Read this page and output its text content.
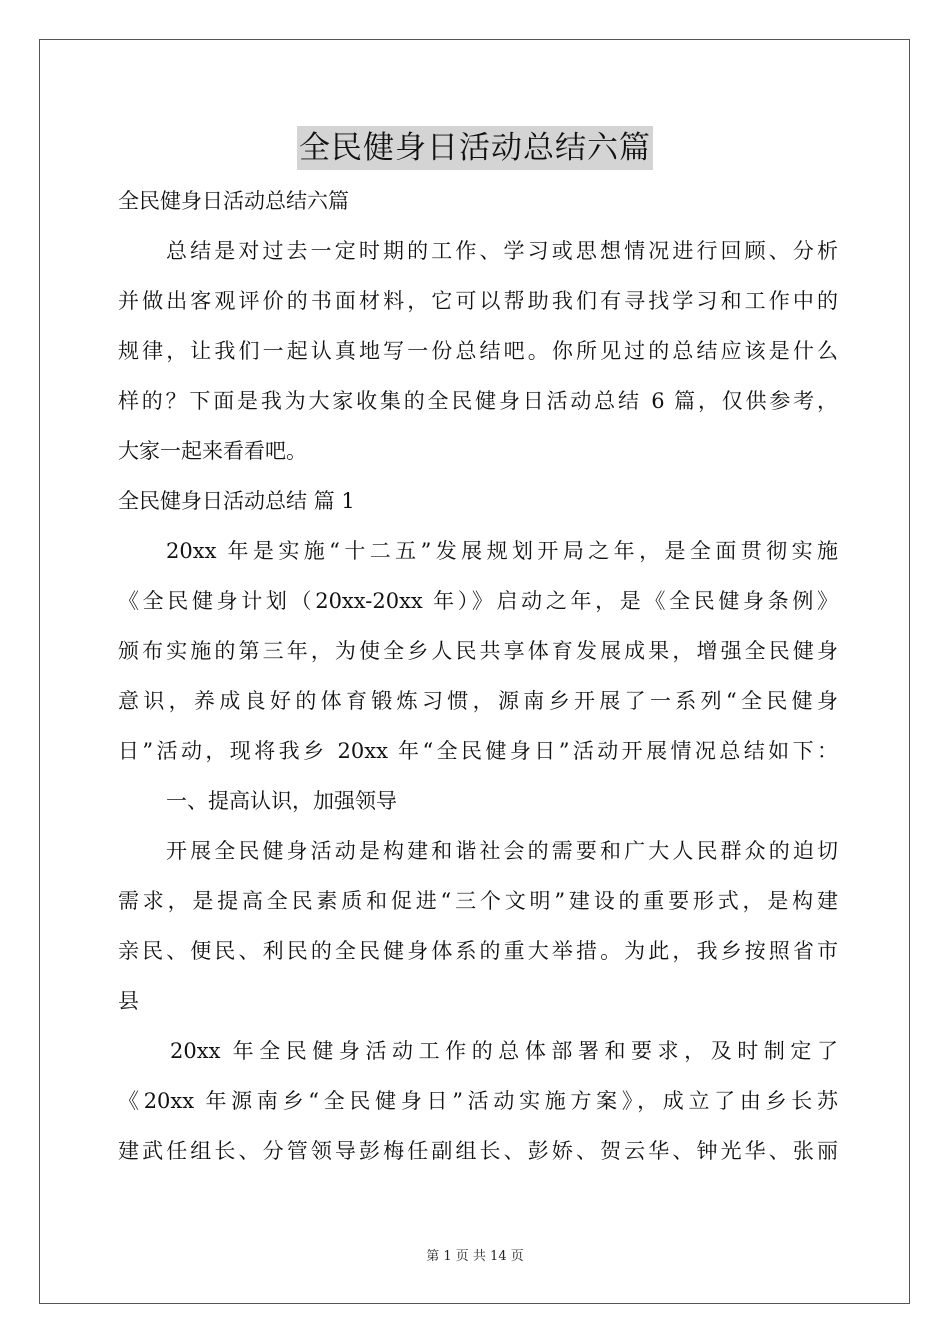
全民健身日活动总结六篇
全民健身日活动总结六篇
总结是对过去一定时期的工作、学习或思想情况进行回顾、分析
并做出客观评价的书面材料，它可以帮助我们有寻找学习和工作中的
规律，让我们一起认真地写一份总结吧。你所见过的总结应该是什么
样的？下面是我为大家收集的全民健身日活动总结 6 篇，仅供参考，
大家一起来看看吧。
全民健身日活动总结 篇 1
20xx 年是实施“十二五”发展规划开局之年，是全面贯彻实施
《全民健身计划（20xx-20xx 年）》启动之年，是《全民健身条例》
颁布实施的第三年，为使全乡人民共享体育发展成果，增强全民健身
意识，养成良好的体育锻炼习惯，源南乡开展了一系列“全民健身
日”活动，现将我乡 20xx 年“全民健身日”活动开展情况总结如下：
一、提高认识，加强领导
开展全民健身活动是构建和谐社会的需要和广大人民群众的迫切
需求，是提高全民素质和促进“三个文明”建设的重要形式，是构建
亲民、便民、利民的全民健身体系的重大举措。为此，我乡按照省市
县
20xx 年全民健身活动工作的总体部署和要求，及时制定了
《20xx 年源南乡“全民健身日”活动实施方案》，成立了由乡长苏
建武任组长、分管领导彭梅任副组长、彭娇、贺云华、钟光华、张丽
第 1 页 共 14 页
